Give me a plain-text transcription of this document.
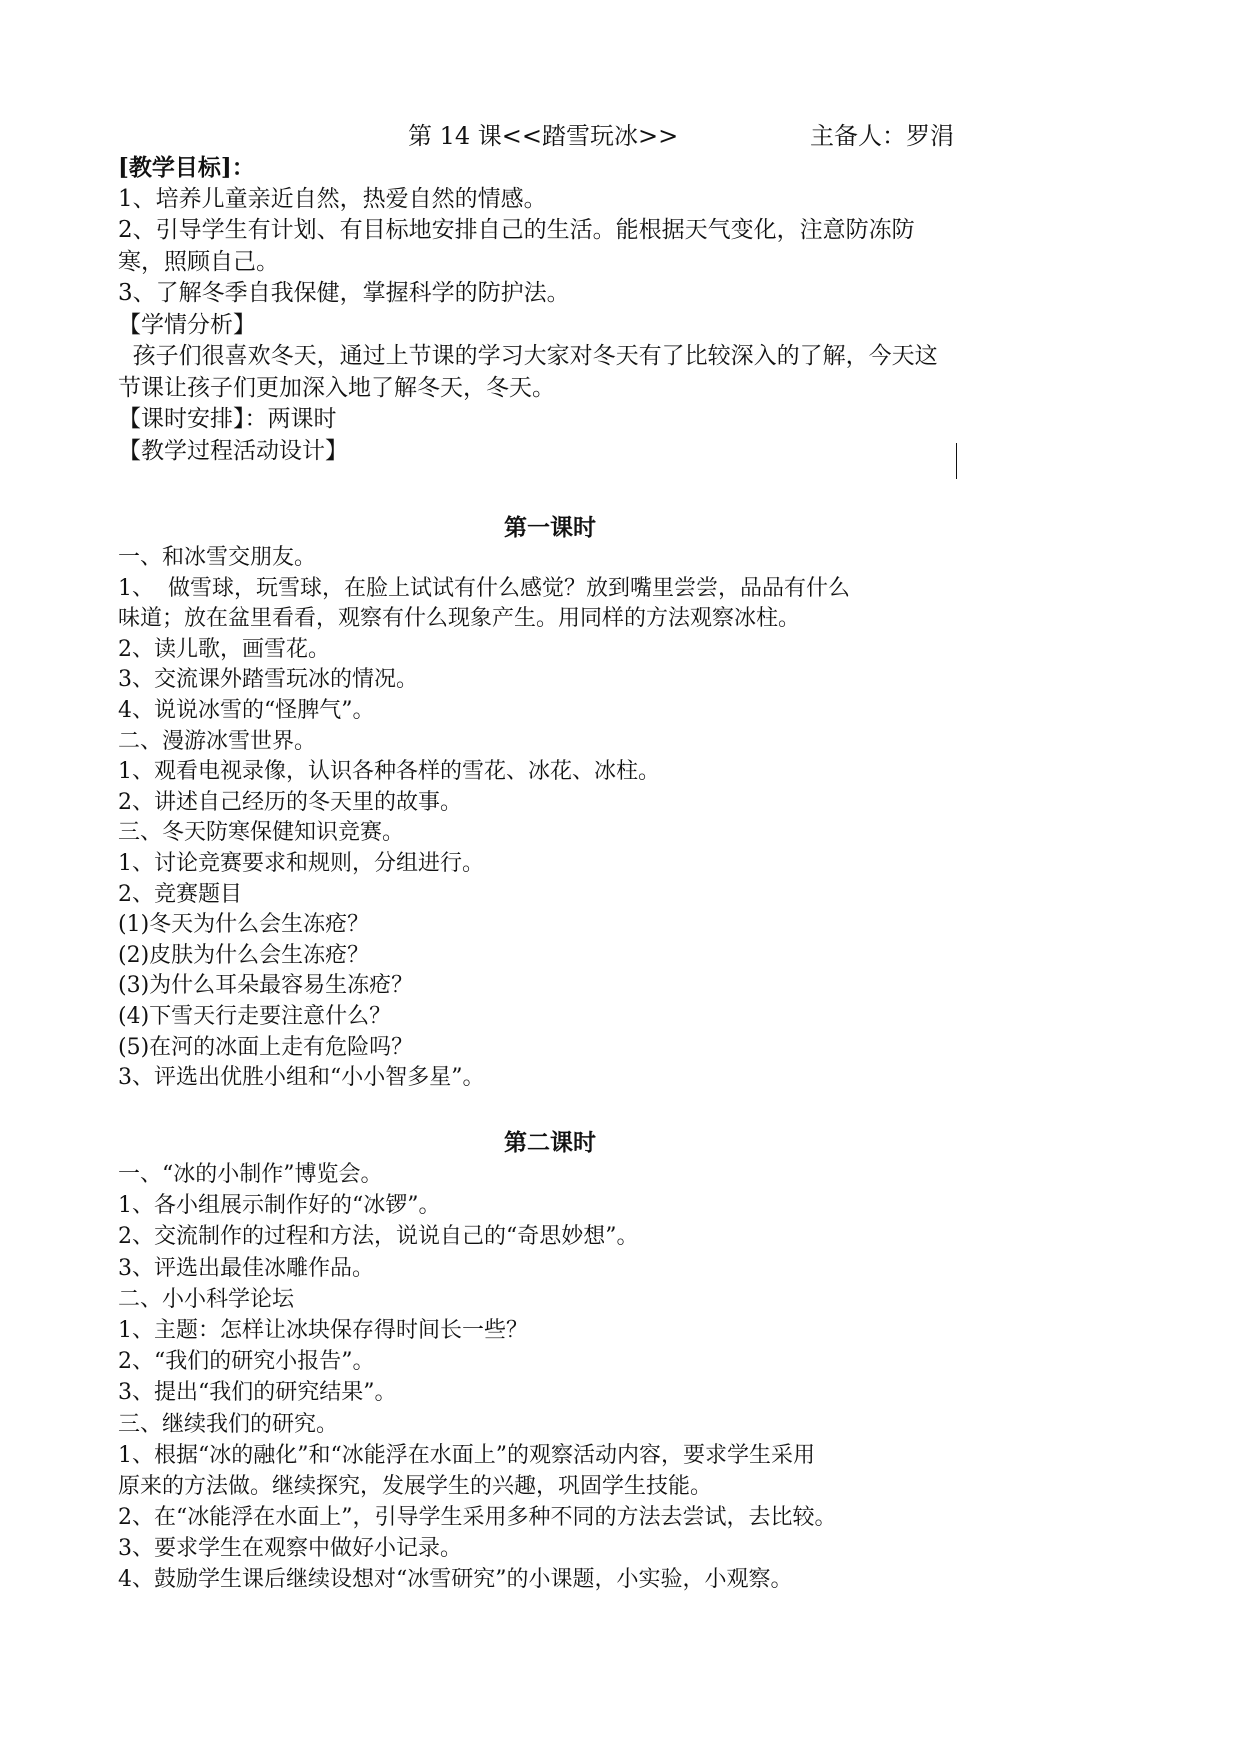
第 14 课<<踏雪玩冰>>	主备人：罗涓
[教学目标]：
1、培养儿童亲近自然，热爱自然的情感。
2、引导学生有计划、有目标地安排自己的生活。能根据天气变化，注意防冻防寒，照顾自己。
3、了解冬季自我保健，掌握科学的防护法。
【学情分析】
孩子们很喜欢冬天，通过上节课的学习大家对冬天有了比较深入的了解，今天这节课让孩子们更加深入地了解冬天，冬天。
【课时安排】：两课时
【教学过程活动设计】
第一课时
一、和冰雪交朋友。
1、  做雪球，玩雪球，在脸上试试有什么感觉？放到嘴里尝尝，品品有什么
味道；放在盆里看看，观察有什么现象产生。用同样的方法观察冰柱。
2、读儿歌，画雪花。
3、交流课外踏雪玩冰的情况。
4、说说冰雪的“怪脾气”。
二、漫游冰雪世界。
1、观看电视录像，认识各种各样的雪花、冰花、冰柱。
2、讲述自己经历的冬天里的故事。
三、冬天防寒保健知识竞赛。
1、讨论竞赛要求和规则，分组进行。
2、竞赛题目
(1)冬天为什么会生冻疮？
(2)皮肤为什么会生冻疮？
(3)为什么耳朵最容易生冻疮？
(4)下雪天行走要注意什么？
(5)在河的冰面上走有危险吗？
3、评选出优胜小组和“小小智多星”。
第二课时
一、“冰的小制作”博览会。
1、各小组展示制作好的“冰锣”。
2、交流制作的过程和方法，说说自己的“奇思妙想”。
3、评选出最佳冰雕作品。
二、小小科学论坛
1、主题：怎样让冰块保存得时间长一些？
2、“我们的研究小报告”。
3、提出“我们的研究结果”。
三、继续我们的研究。
1、根据“冰的融化”和“冰能浮在水面上”的观察活动内容，要求学生采用
原来的方法做。继续探究，发展学生的兴趣，巩固学生技能。
2、在“冰能浮在水面上”，引导学生采用多种不同的方法去尝试，去比较。
3、要求学生在观察中做好小记录。
4、鼓励学生课后继续设想对“冰雪研究”的小课题，小实验，小观察。
